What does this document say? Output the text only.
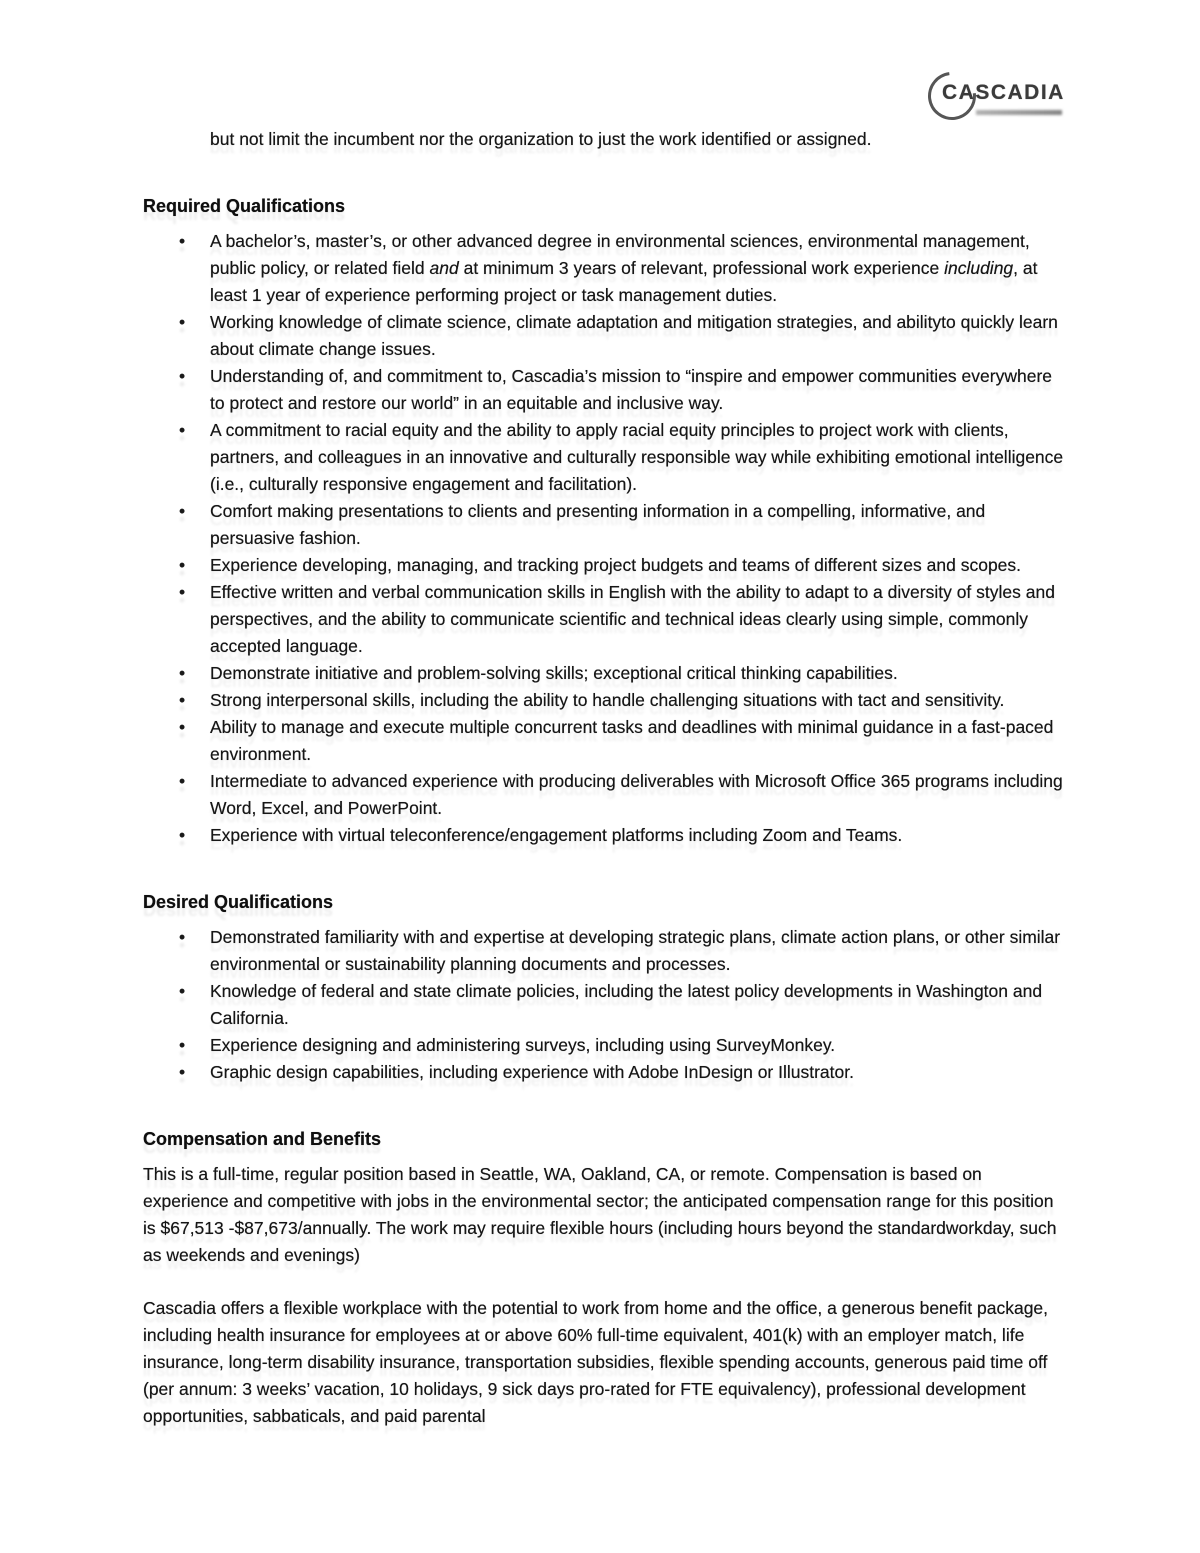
CASCADIA

but not limit the incumbent nor the organization to just the work identified or assigned.

Required Qualifications
• A bachelor’s, master’s, or other advanced degree in environmental sciences, environmental management, public policy, or related field and at minimum 3 years of relevant, professional work experience including, at least 1 year of experience performing project or task management duties.
• Working knowledge of climate science, climate adaptation and mitigation strategies, and abilityto quickly learn about climate change issues.
• Understanding of, and commitment to, Cascadia’s mission to “inspire and empower communities everywhere to protect and restore our world” in an equitable and inclusive way.
• A commitment to racial equity and the ability to apply racial equity principles to project work with clients, partners, and colleagues in an innovative and culturally responsible way while exhibiting emotional intelligence (i.e., culturally responsive engagement and facilitation).
• Comfort making presentations to clients and presenting information in a compelling, informative, and persuasive fashion.
• Experience developing, managing, and tracking project budgets and teams of different sizes and scopes.
• Effective written and verbal communication skills in English with the ability to adapt to a diversity of styles and perspectives, and the ability to communicate scientific and technical ideas clearly using simple, commonly accepted language.
• Demonstrate initiative and problem-solving skills; exceptional critical thinking capabilities.
• Strong interpersonal skills, including the ability to handle challenging situations with tact and sensitivity.
• Ability to manage and execute multiple concurrent tasks and deadlines with minimal guidance in a fast-paced environment.
• Intermediate to advanced experience with producing deliverables with Microsoft Office 365 programs including Word, Excel, and PowerPoint.
• Experience with virtual teleconference/engagement platforms including Zoom and Teams.
Desired Qualifications
• Demonstrated familiarity with and expertise at developing strategic plans, climate action plans, or other similar environmental or sustainability planning documents and processes.
• Knowledge of federal and state climate policies, including the latest policy developments in Washington and California.
• Experience designing and administering surveys, including using SurveyMonkey.
• Graphic design capabilities, including experience with Adobe InDesign or Illustrator.
Compensation and Benefits

This is a full-time, regular position based in Seattle, WA, Oakland, CA, or remote. Compensation is based on experience and competitive with jobs in the environmental sector; the anticipated compensation range for this position is $67,513 -$87,673/annually. The work may require flexible hours (including hours beyond the standardworkday, such as weekends and evenings)

Cascadia offers a flexible workplace with the potential to work from home and the office, a generous benefit package, including health insurance for employees at or above 60% full-time equivalent, 401(k) with an employer match, life insurance, long-term disability insurance, transportation subsidies, flexible spending accounts, generous paid time off (per annum: 3 weeks’ vacation, 10 holidays, 9 sick days pro-rated for FTE equivalency), professional development opportunities, sabbaticals, and paid parental
